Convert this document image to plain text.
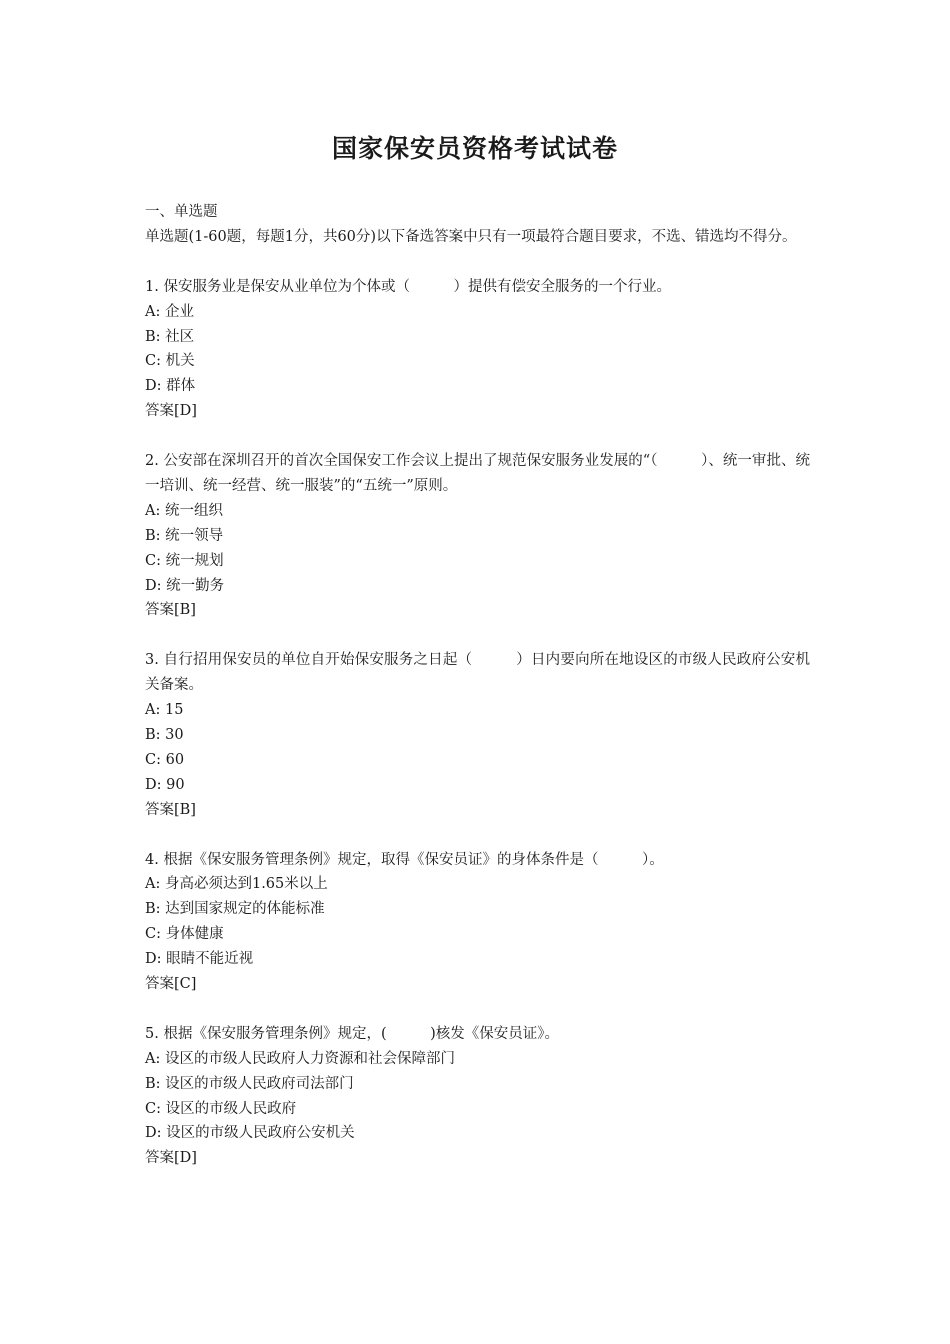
国家保安员资格考试试卷

一、单选题

单选题(1-60题，每题1分，共60分)以下备选答案中只有一项最符合题目要求，不选、错选均不得分。

1. 保安服务业是保安从业单位为个体或（　　　）提供有偿安全服务的一个行业。

A: 企业

B: 社区

C: 机关

D: 群体

答案[D]

2. 公安部在深圳召开的首次全国保安工作会议上提出了规范保安服务业发展的“（　　　）、统一审批、统一培训、统一经营、统一服装”的“五统一”原则。

A: 统一组织

B: 统一领导

C: 统一规划

D: 统一勤务

答案[B]

3. 自行招用保安员的单位自开始保安服务之日起（　　　）日内要向所在地设区的市级人民政府公安机关备案。

A: 15

B: 30

C: 60

D: 90

答案[B]

4. 根据《保安服务管理条例》规定，取得《保安员证》的身体条件是（　　　）。

A: 身高必须达到1.65米以上

B: 达到国家规定的体能标准

C: 身体健康

D: 眼睛不能近视

答案[C]

5. 根据《保安服务管理条例》规定，(　　　)核发《保安员证》。

A: 设区的市级人民政府人力资源和社会保障部门

B: 设区的市级人民政府司法部门

C: 设区的市级人民政府

D: 设区的市级人民政府公安机关

答案[D]
